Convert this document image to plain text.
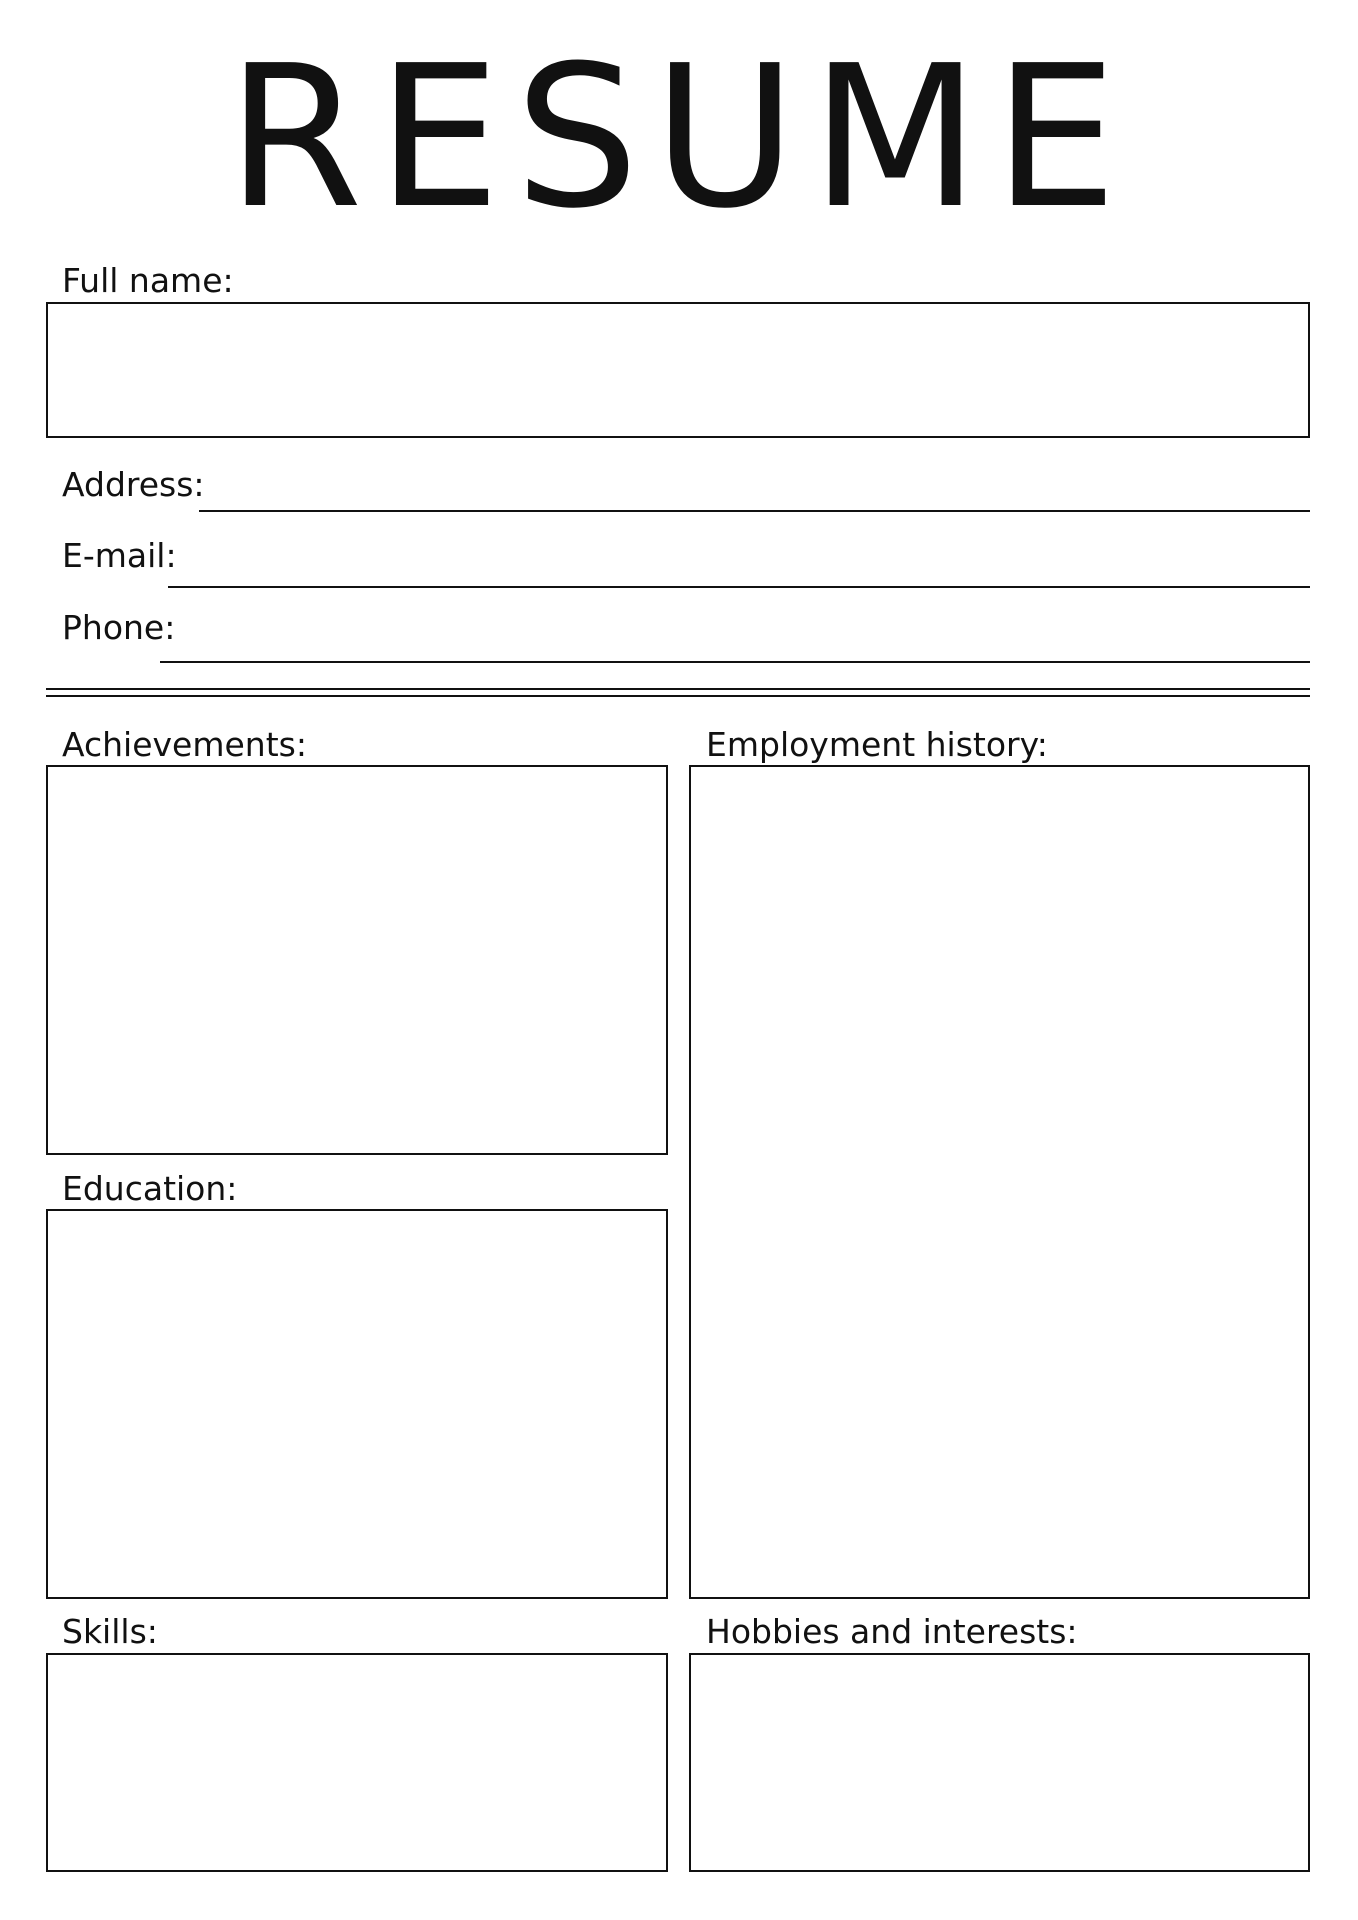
RESUME
Full name:
Address:
E-mail:
Phone:
Achievements:	Employment history:
Education:
Skills:	Hobbies and interests:
